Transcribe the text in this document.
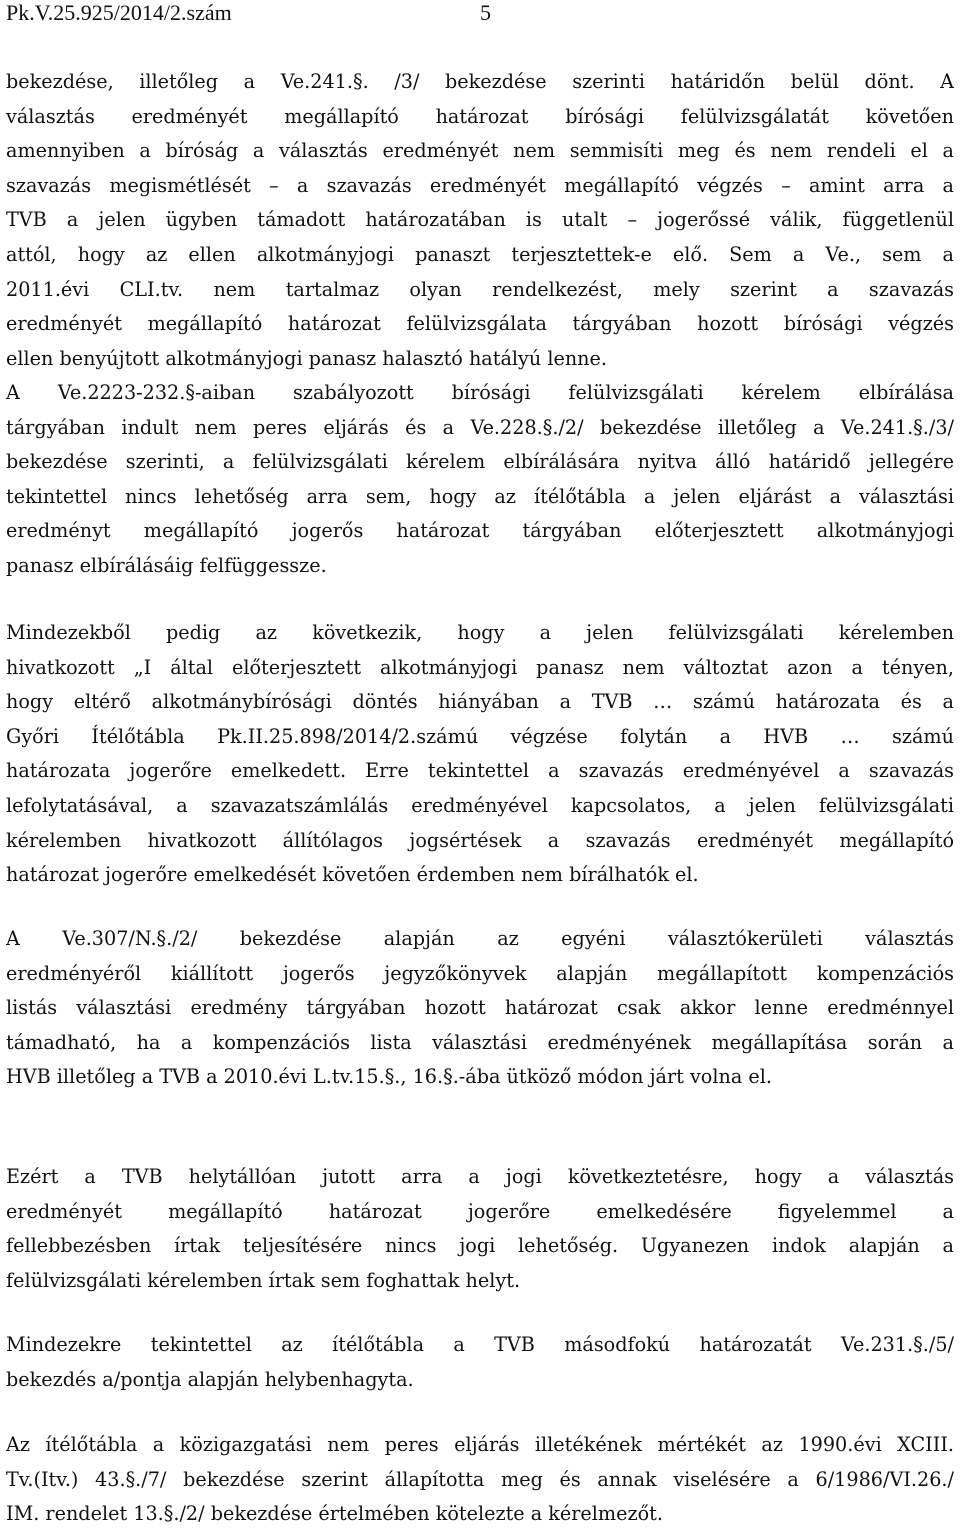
Pk.V.25.925/2014/2.szám	5
bekezdése, illetőleg a Ve.241.§. /3/ bekezdése szerinti határidőn belül dönt. A
választás eredményét megállapító határozat bírósági felülvizsgálatát követően
amennyiben a bíróság a választás eredményét nem semmisíti meg és nem rendeli el a
szavazás megismétlését – a szavazás eredményét megállapító végzés – amint arra a
TVB a jelen ügyben támadott határozatában is utalt – jogerőssé válik, függetlenül
attól, hogy az ellen alkotmányjogi panaszt terjesztettek-e elő. Sem a Ve., sem a
2011.évi CLI.tv. nem tartalmaz olyan rendelkezést, mely szerint a szavazás
eredményét megállapító határozat felülvizsgálata tárgyában hozott bírósági végzés
ellen benyújtott alkotmányjogi panasz halasztó hatályú lenne.
A Ve.2223-232.§-aiban szabályozott bírósági felülvizsgálati kérelem elbírálása
tárgyában indult nem peres eljárás és a Ve.228.§./2/ bekezdése illetőleg a Ve.241.§./3/
bekezdése szerinti, a felülvizsgálati kérelem elbírálására nyitva álló határidő jellegére
tekintettel nincs lehetőség arra sem, hogy az ítélőtábla a jelen eljárást a választási
eredményt megállapító jogerős határozat tárgyában előterjesztett alkotmányjogi
panasz elbírálásáig felfüggessze.
Mindezekből pedig az következik, hogy a jelen felülvizsgálati kérelemben
hivatkozott „I által előterjesztett alkotmányjogi panasz nem változtat azon a tényen,
hogy eltérő alkotmánybírósági döntés hiányában a TVB … számú határozata és a
Győri Ítélőtábla Pk.II.25.898/2014/2.számú végzése folytán a HVB … számú
határozata jogerőre emelkedett. Erre tekintettel a szavazás eredményével a szavazás
lefolytatásával, a szavazatszámlálás eredményével kapcsolatos, a jelen felülvizsgálati
kérelemben hivatkozott állítólagos jogsértések a szavazás eredményét megállapító
határozat jogerőre emelkedését követően érdemben nem bírálhatók el.
A Ve.307/N.§./2/ bekezdése alapján az egyéni választókerületi választás
eredményéről kiállított jogerős jegyzőkönyvek alapján megállapított kompenzációs
listás választási eredmény tárgyában hozott határozat csak akkor lenne eredménnyel
támadható, ha a kompenzációs lista választási eredményének megállapítása során a
HVB illetőleg a TVB a 2010.évi L.tv.15.§., 16.§.-ába ütköző módon járt volna el.
Ezért a TVB helytállóan jutott arra a jogi következtetésre, hogy a választás
eredményét megállapító határozat jogerőre emelkedésére figyelemmel a
fellebbezésben írtak teljesítésére nincs jogi lehetőség. Ugyanezen indok alapján a
felülvizsgálati kérelemben írtak sem foghattak helyt.
Mindezekre tekintettel az ítélőtábla a TVB másodfokú határozatát Ve.231.§./5/
bekezdés a/pontja alapján helybenhagyta.
Az ítélőtábla a közigazgatási nem peres eljárás illetékének mértékét az 1990.évi XCIII.
Tv.(Itv.) 43.§./7/ bekezdése szerint állapította meg és annak viselésére a 6/1986/VI.26./
IM. rendelet 13.§./2/ bekezdése értelmében kötelezte a kérelmezőt.
